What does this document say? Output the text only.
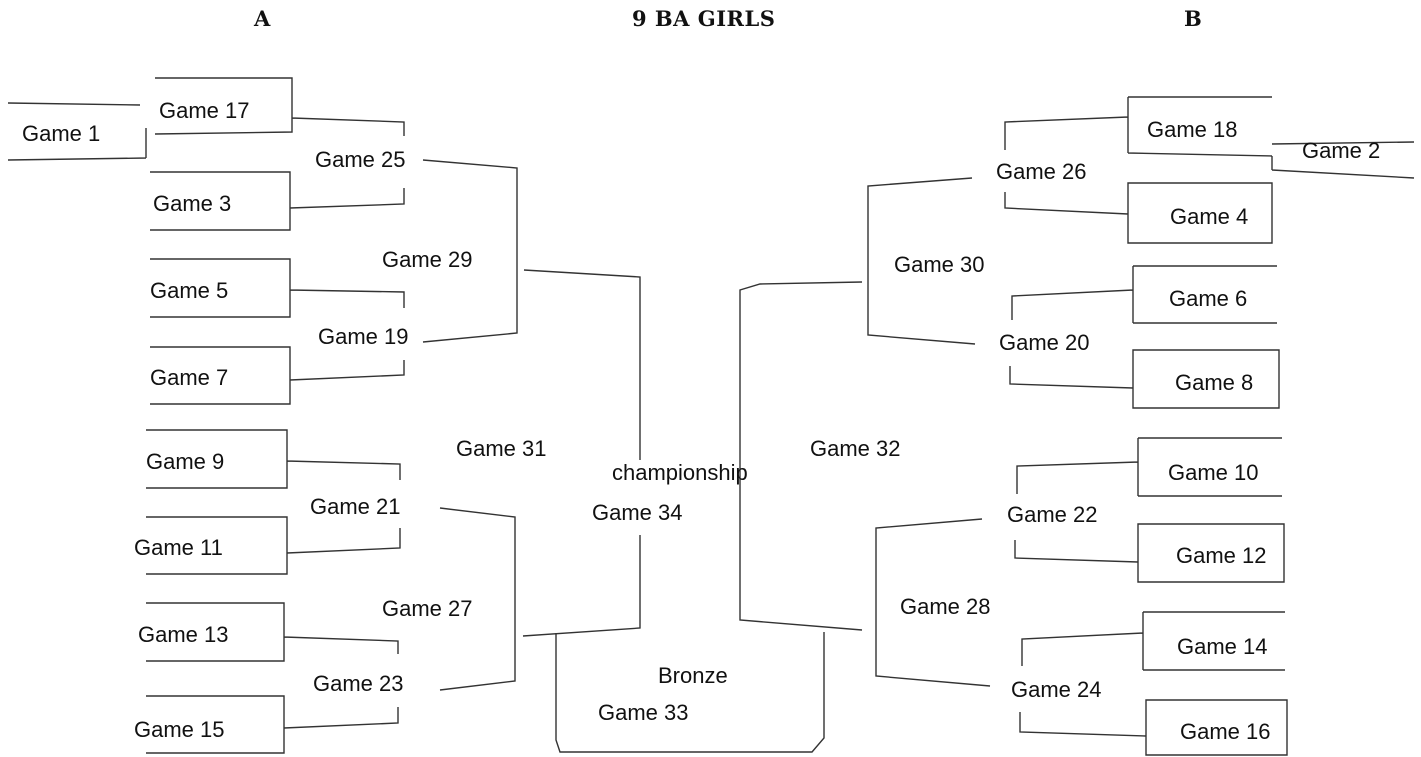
A	9 BA GIRLS	B
Game 1
Game 17
Game 3
Game 5
Game 7
Game 9
Game 11
Game 13
Game 15
Game 25
Game 19
Game 21
Game 23
Game 29
Game 27
Game 31
championship
Game 34
Bronze
Game 33
Game 32
Game 30
Game 28
Game 26
Game 20
Game 22
Game 24
Game 18
Game 2
Game 4
Game 6
Game 8
Game 10
Game 12
Game 14
Game 16
